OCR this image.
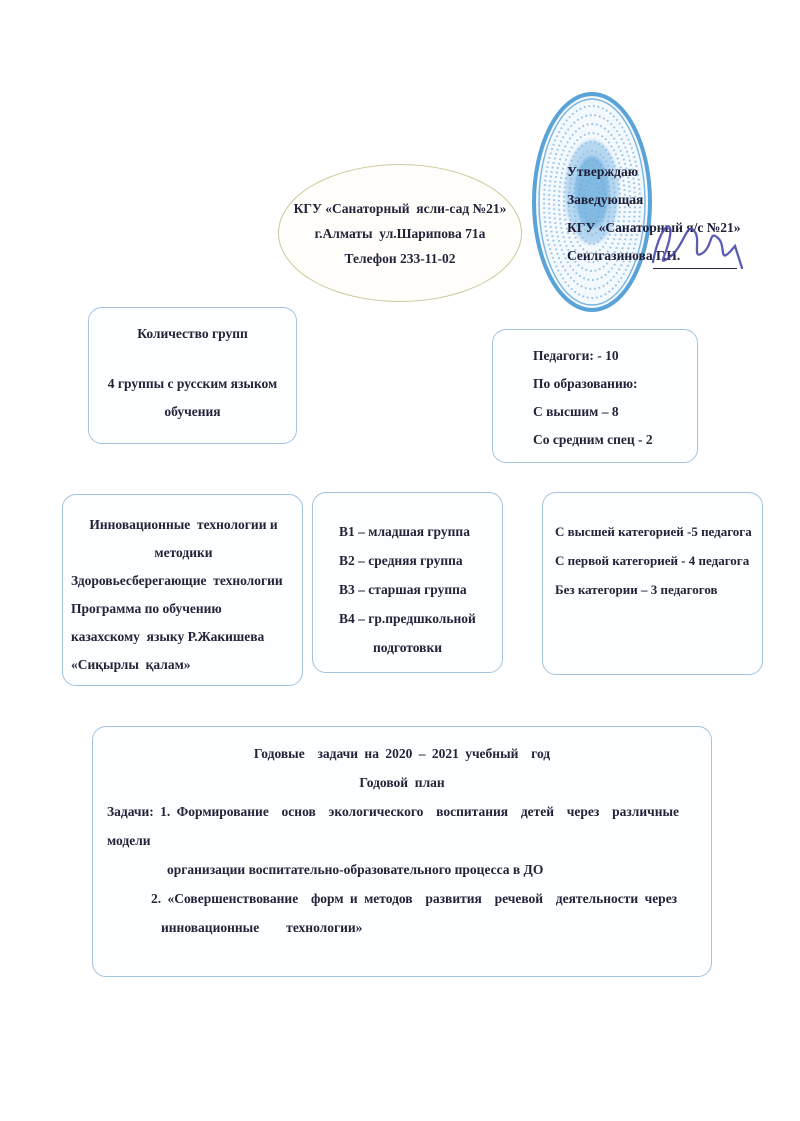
КГУ «Санаторный  ясли-сад №21»
г.Алматы  ул.Шарипова 71а
Телефон 233-11-02
Утверждаю
Заведующая
КГУ «Санаторный я/с №21»
Сеилгазинова Г.Н.
Количество групп
4 группы с русским языком обучения
Педагоги: - 10
По образованию:
С высшим – 8
Со средним спец - 2
Инновационные  технологии и
методики
Здоровьесберегающие  технологии
Программа по обучению
казахскому  языку Р.Жакишева
«Сиқырлы  қалам»
В1 – младшая группа
В2 – средняя группа
В3 – старшая группа
В4 – гр.предшкольной
подготовки
С высшей категорией -5 педагога
С первой категорией - 4 педагога
Без категории – 3 педагогов
Годовые  задачи на 2020 – 2021 учебный  год
Годовой  план
Задачи: 1. Формирование  основ  экологического  воспитания  детей  через  различные модели
организации воспитательно-образовательного процесса в ДО
2. «Совершенствование  форм и методов  развития  речевой  деятельности через
инновационные        технологии»
